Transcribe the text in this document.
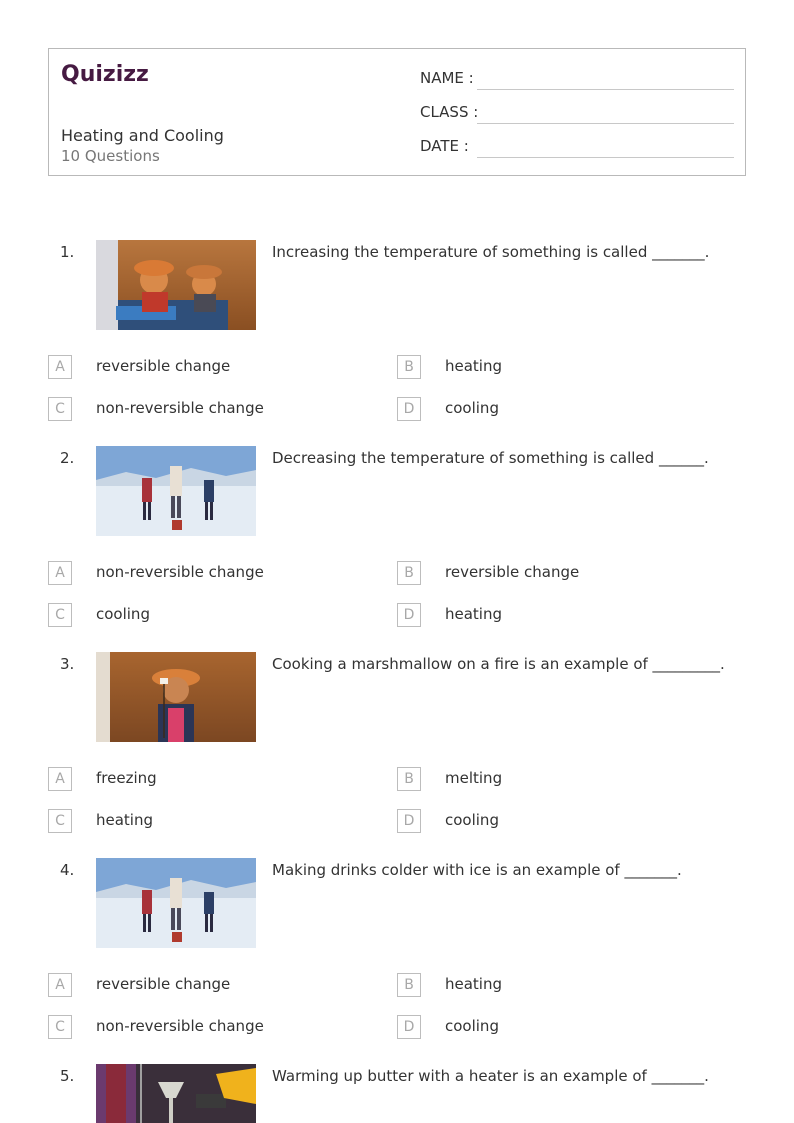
Quizizz
Heating and Cooling
10 Questions
NAME :
CLASS :
DATE :
1.	Increasing the temperature of something is called _______.
A	reversible change	B	heating
C	non-reversible change	D	cooling
2.	Decreasing the temperature of something is called ______.
A	non-reversible change	B	reversible change
C	cooling	D	heating
3.	Cooking a marshmallow on a fire is an example of _________.
A	freezing	B	melting
C	heating	D	cooling
4.	Making drinks colder with ice is an example of _______.
A	reversible change	B	heating
C	non-reversible change	D	cooling
5.	Warming up butter with a heater is an example of _______.
